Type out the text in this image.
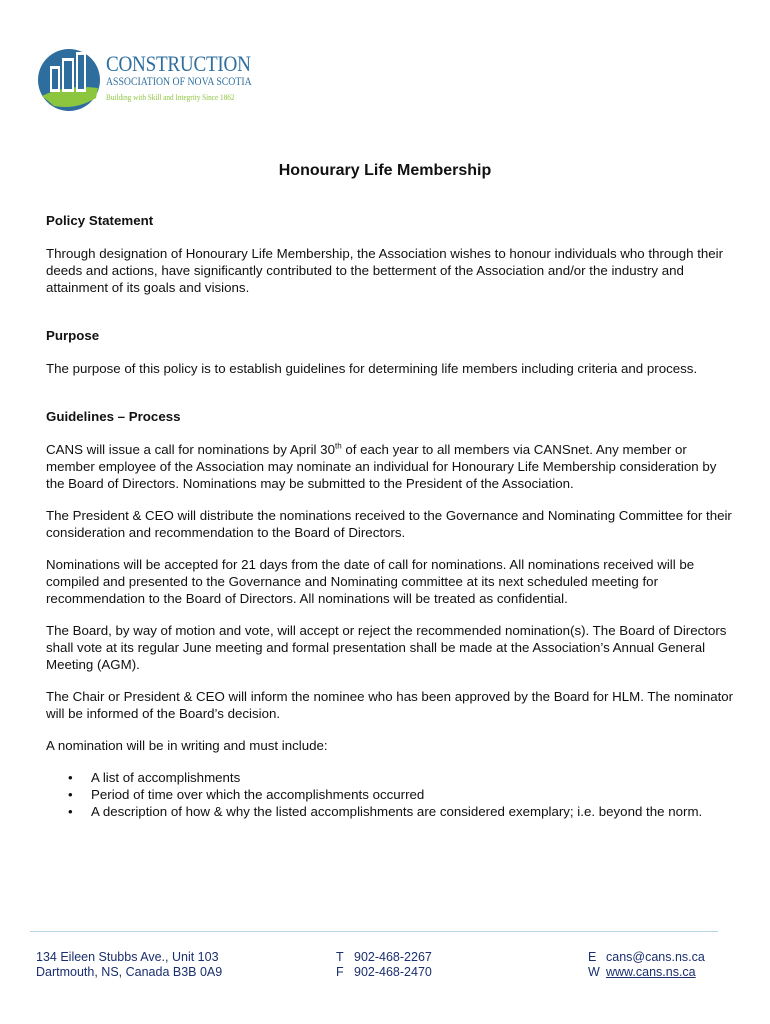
CONSTRUCTION
ASSOCIATION OF NOVA SCOTIA
Building with Skill and Integrity Since 1862
Honourary Life Membership
Policy Statement

Through designation of Honourary Life Membership, the Association wishes to honour individuals who through their deeds and actions, have significantly contributed to the betterment of the Association and/or the industry and attainment of its goals and visions.

Purpose

The purpose of this policy is to establish guidelines for determining life members including criteria and process.

Guidelines – Process

CANS will issue a call for nominations by April 30th of each year to all members via CANSnet. Any member or member employee of the Association may nominate an individual for Honourary Life Membership consideration by the Board of Directors. Nominations may be submitted to the President of the Association.

The President & CEO will distribute the nominations received to the Governance and Nominating Committee for their consideration and recommendation to the Board of Directors.

Nominations will be accepted for 21 days from the date of call for nominations. All nominations received will be compiled and presented to the Governance and Nominating committee at its next scheduled meeting for recommendation to the Board of Directors. All nominations will be treated as confidential.

The Board, by way of motion and vote, will accept or reject the recommended nomination(s). The Board of Directors shall vote at its regular June meeting and formal presentation shall be made at the Association’s Annual General Meeting (AGM).

The Chair or President & CEO will inform the nominee who has been approved by the Board for HLM. The nominator will be informed of the Board’s decision.

A nomination will be in writing and must include:

• A list of accomplishments
• Period of time over which the accomplishments occurred
• A description of how & why the listed accomplishments are considered exemplary; i.e. beyond the norm.
134 Eileen Stubbs Ave., Unit 103
Dartmouth, NS, Canada B3B 0A9
T 902-468-2267
F 902-468-2470
E cans@cans.ns.ca
W www.cans.ns.ca
